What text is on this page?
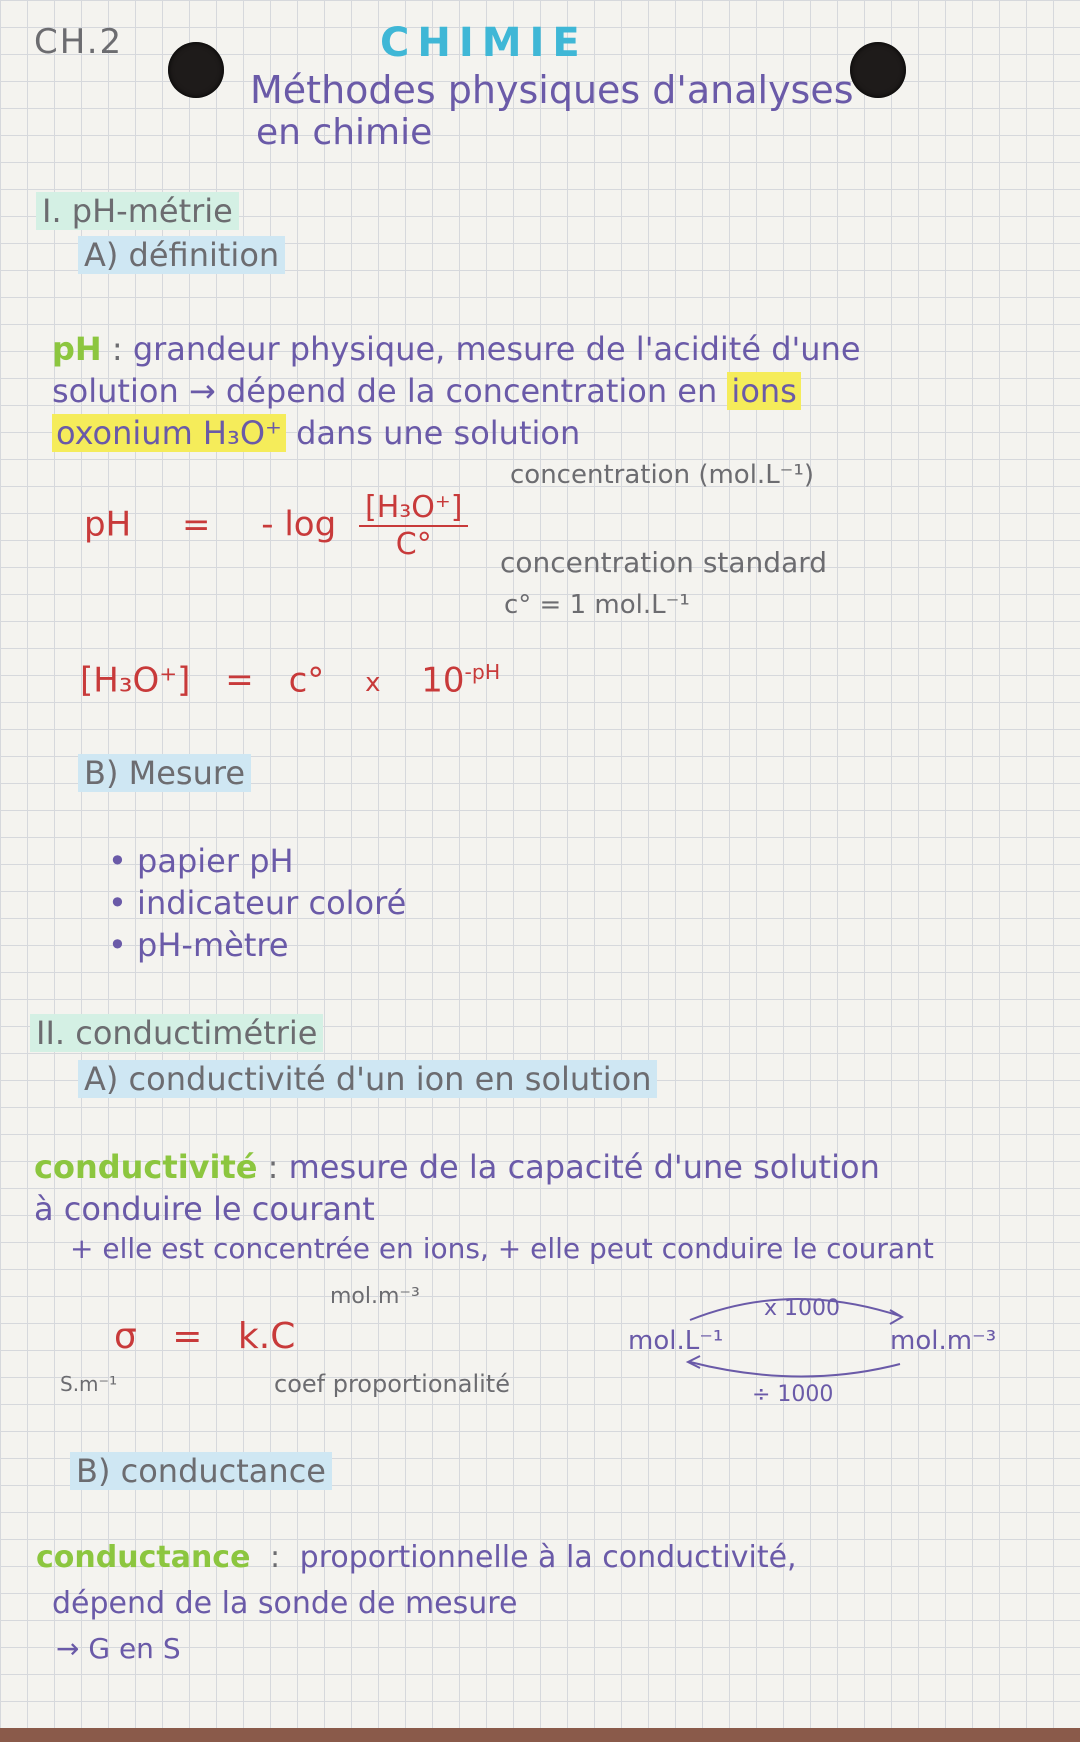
CH.2	CHIMIE
Méthodes physiques d'analyses
en chimie
I. pH-métrie
A) définition
pH : grandeur physique, mesure de l'acidité d'une
solution → dépend de la concentration en ions
oxonium H₃O⁺ dans une solution
concentration (mol.L⁻¹)
pH = - $\log \frac{\text{[H₃O⁺]}}{C^\circ}$
concentration standard
c° = 1 mol.L⁻¹
[H₃O⁺] = c° x $10^{-pH}$
B) Mesure
• papier pH
• indicateur coloré
• pH-mètre
II. conductimétrie
A) conductivité d'un ion en solution
conductivité : mesure de la capacité d'une solution
à conduire le courant
+ elle est concentrée en ions, + elle peut conduire le courant
mol.m⁻³
σ = k.C
S.m⁻¹	coef proportionalité
x 1000
mol.L⁻¹	mol.m⁻³
÷ 1000
B) conductance
conductance : proportionnelle à la conductivité,
dépend de la sonde de mesure
→ G en S
